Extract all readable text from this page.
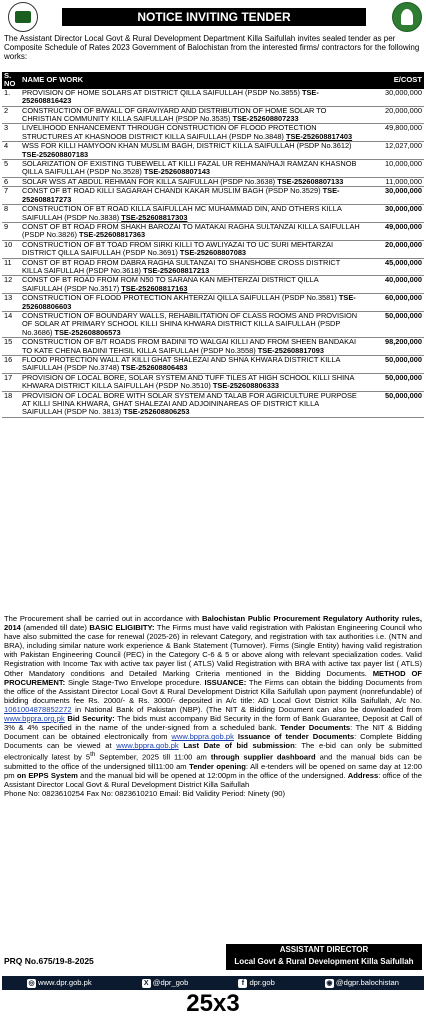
NOTICE INVITING TENDER
The Assistant Director Local Govt & Rural Development Department Killa Saifullah invites sealed tender as per Composite Schedule of Rates 2023 Government of Balochistan from the interested firms/ contractors for the following works:
S. NO	NAME OF WORK	E/COST
1.	PROVISION OF HOME SOLARS AT DISTRICT QILLA SAIFULLAH (PSDP No.3855) TSE-252608816423	30,000,000
2	CONSTRUCTION OF B/WALL OF GRAVIYARD AND DISTRIBUTION OF HOME SOLAR TO CHRISTIAN COMMUNITY KILLA SAIFULLAH (PSDP No.3535) TSE-252608807233	20,000,000
3	LIVELIHOOD ENHANCEMENT THROUGH CONSTRUCTION OF FLOOD PROTECTION STRUCTURES AT KHASNOOB DISTRICT KILLA SAIFULLAH (PSDP No.3848) TSE-252608817403	49,800,000
4	WSS FOR KILLI HAMYOON KHAN MUSLIM BAGH, DISTRICT KILLA SAIFULLAH (PSDP No.3612) TSE-252608807183	12,027,000
5	SOLARIZATION OF EXISTING TUBEWELL AT KILLI FAZAL UR REHMAN/HAJI RAMZAN KHASNOB QILLA SAIFULLAH (PSDP No.3528) TSE-252608807143	10,000,000
6	SOLAR WSS AT ABDUL REHMAN FOR KILLA SAIFULLAH (PSDP No.3638) TSE-252608807133	11,000,000
7	CONST OF BT ROAD KILLI SAGARAH CHANDI KAKAR MUSLIM BAGH (PSDP No.3529) TSE-252608817273	30,000,000
8	CONSTRUCTION OF BT ROAD KILLA SAIFULLAH MC MUHAMMAD DIN, AND OTHERS KILLA SAIFULLAH (PSDP No.3838) TSE-252608817303	30,000,000
9	CONST OF BT ROAD FROM SHAKH BAROZAI TO MATAKAI RAGHA SULTANZAI KILLA SAIFULLAH (PSDP No.3826) TSE-252608817363	49,000,000
10	CONSTRUCTION OF BT TOAD FROM SIRKI KILLI TO AWLIYAZAI TO UC SURI MEHTARZAI DISTRICT QILLA SAIFULLAH (PSDP No.3691) TSE-252608807083	20,000,000
11	CONST OF BT ROAD FROM DABRA RAGHA SULTANZAI TO SHANSHOBE CROSS DISTRICT KILLA SAIFULLAH (PSDP No.3618) TSE-252608817213	45,000,000
12	CONST OF BT ROAD FROM ROM N50 TO SARANA KAN MEHTERZAI DISTRICT QILLA SAIFULLAH (PSDP No.3517) TSE-252608817163	40,000,000
13	CONSTRUCTION OF FLOOD PROTECTION AKHTERZAI QILLA SAIFULLAH (PSDP No.3581) TSE-252608806603	60,000,000
14	CONSTRUCTION OF BOUNDARY WALLS, REHABILITATION OF CLASS ROOMS AND PROVISION OF SOLAR AT PRIMARY SCHOOL KILLI SHINA KHWARA DISTRICT KILLA SAIFULLAH (PSDP No.3686) TSE-252608806573	50,000,000
15	CONSTRUCTION OF B/T ROADS FROM BADINI TO WALGAI KILLI AND FROM SHEEN BANDAKAI TO KATE CHENA BADINI TEHSIL KILLA SAIFULLAH (PSDP No.3558) TSE-252608817093	98,200,000
16	FLOOD PROTECTION WALL AT KILLI GHAT SHALEZAI AND SHNA KHWARA DISTRICT KILLA SAIFULLAH (PSDP No.3748) TSE-252608806483	50,000,000
17	PROVISION OF LOCAL BORE, SOLAR SYSTEM AND TUFF TILES AT HIGH SCHOOL KILLI SHINA KHWARA DISTRICT KILLA SAIFULLAH (PSDP No.3510) TSE-252608806333	50,000,000
18	PROVISION OF LOCAL BORE WITH SOLAR SYSTEM AND TALAB FOR AGRICULTURE PURPOSE AT KILLI SHINA KHWARA, GHAT SHALEZAI AND ADJOININAREAS OF DISTRICT KILLA SAIFULLAH (PSDP No. 3813) TSE-252608806253	50,000,000
The Procurement shall be carried out in accordance with Balochistan Public Procurement Regulatory Authority rules, 2014 (amended till date) BASIC ELIGIBITY: The Firms must have valid registration with Pakistan Engineering Council who have also submitted the case for renewal (2025-26) in relevant Category, and registration with tax authorities i.e. (NTN and BRA), including similar nature work experience & Bank Statement (Turnover). Firms (Single Entity) having valid registration with Pakistan Engineering Council (PEC) in the Category C-6 & 5 or above along with relevant specialization codes. Valid Registration with Income Tax with active tax payer list ( ATLS) Valid Registration with BRA with active tax payer list ( ATLS) Other Mandatory conditions and Detailed Marking Criteria mentioned in the Bidding Documents. METHOD OF PROCUREMENT: Single Stage-Two Envelope procedure. ISSUANCE: The Firms can obtain the bidding Documents from the office of the Assistant Director Local Govt & Rural Development District Killa Saifullah upon payment (nonrefundable) of bidding documents fee Rs. 2000/- & Rs. 3000/- deposited in A/c title: AD Local Govt District Killa Saifullah, A/c No. 1061004878852272 in National Bank of Pakistan (NBP). (The NIT & Bidding Document can also be downloaded from www.bppra.org.pk Bid Security: The bids must accompany Bid Security in the form of Bank Guarantee, Deposit at Call of 3% & 4% specified in the name of the under-signed from a scheduled bank. Tender Documents: The NIT & Bidding Document can be obtained electronically from www.bppra.gob.pk Issuance of tender Documents: Complete Bidding Documents can be viewed at www.bppra.gob.pk Last Date of bid submission: The e-bid can only be submitted electronically latest by 5th September, 2025 till 11:00 am through supplier dashboard and the manual bids can be submitted to the office of the undersigned till11:00 am Tender opening: All e-tenders will be opened on same day at 12:00 pm on EPPS System and the manual bid will be opened at 12:00pm in the office of the undersigned. Address: office of the Assistant Director Local Govt & Rural Development District Killa Saifullah
Phone No: 0823610254 Fax No: 0823610210 Email: Bid Validity Period: Ninety (90)
PRQ No.675/19-8-2025
ASSISTANT DIRECTOR
Local Govt & Rural Development Killa Saifullah
◎ www.dpr.gob.pk	X @dpr_gob	f dpr.gob	◉ @dgpr.balochistan
25x3
